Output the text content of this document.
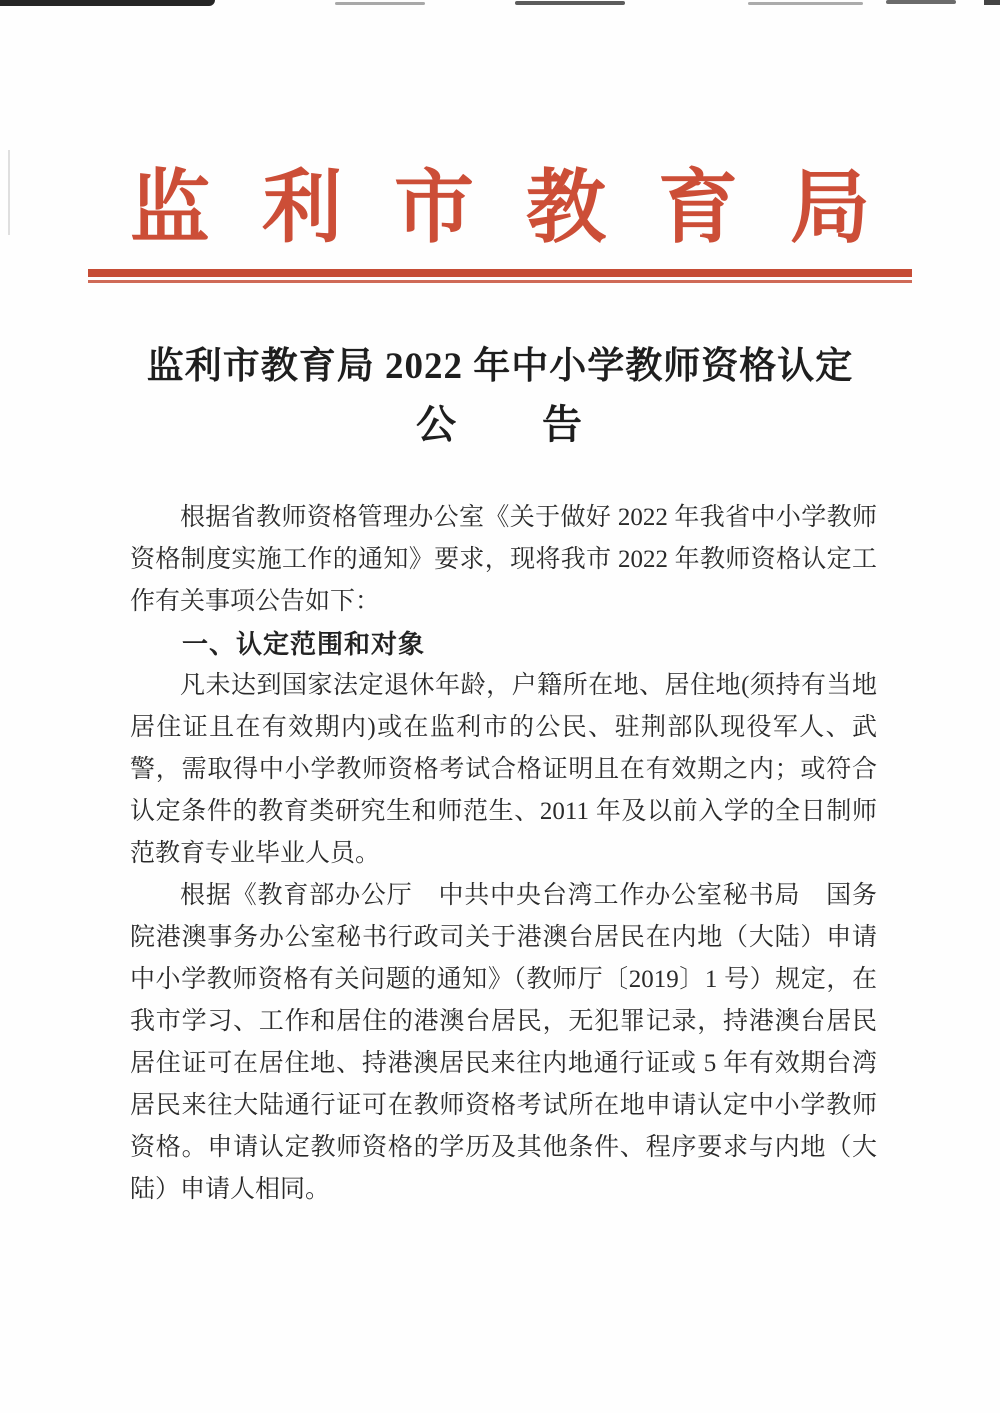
监利市教育局
监利市教育局 2022 年中小学教师资格认定
公　　告

根据省教师资格管理办公室《关于做好 2022 年我省中小学教师资格制度实施工作的通知》要求，现将我市 2022 年教师资格认定工作有关事项公告如下：

一、认定范围和对象

凡未达到国家法定退休年龄，户籍所在地、居住地(须持有当地居住证且在有效期内)或在监利市的公民、驻荆部队现役军人、武警，需取得中小学教师资格考试合格证明且在有效期之内；或符合认定条件的教育类研究生和师范生、2011 年及以前入学的全日制师范教育专业毕业人员。

根据《教育部办公厅　中共中央台湾工作办公室秘书局　国务院港澳事务办公室秘书行政司关于港澳台居民在内地（大陆）申请中小学教师资格有关问题的通知》（教师厅〔2019〕1 号）规定，在我市学习、工作和居住的港澳台居民，无犯罪记录，持港澳台居民居住证可在居住地、持港澳居民来往内地通行证或 5 年有效期台湾居民来往大陆通行证可在教师资格考试所在地申请认定中小学教师资格。申请认定教师资格的学历及其他条件、程序要求与内地（大陆）申请人相同。
